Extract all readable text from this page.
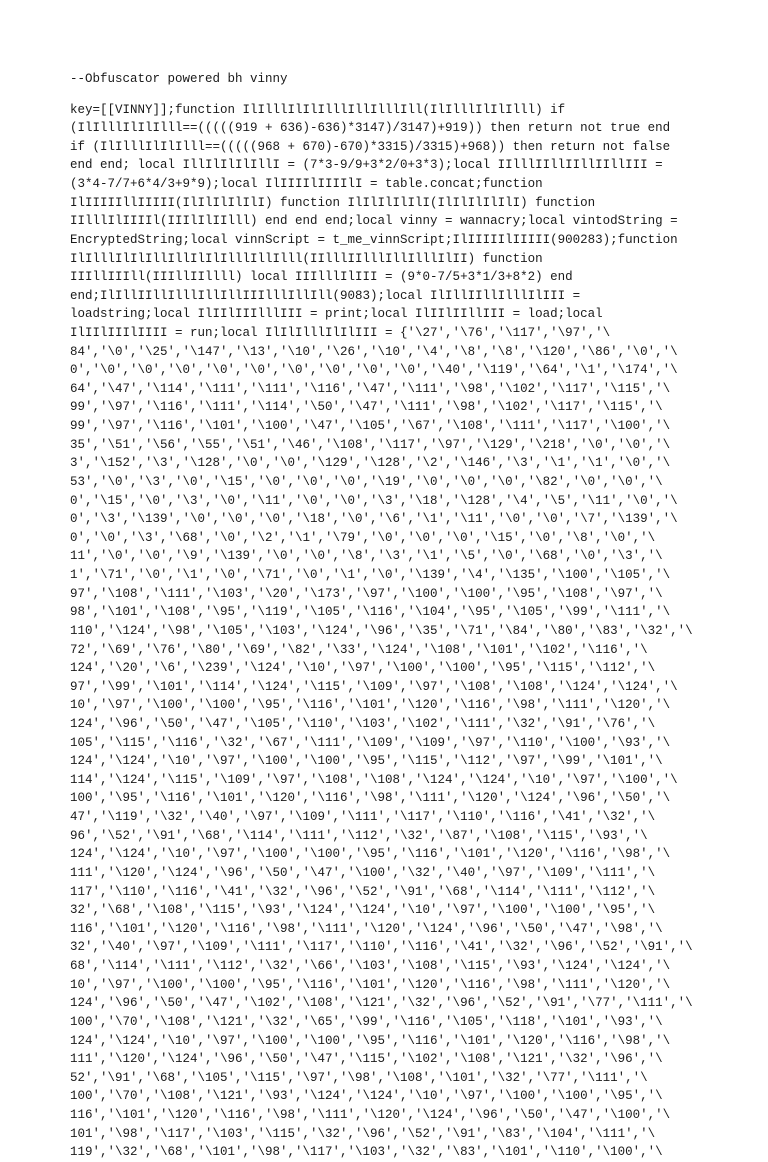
--Obfuscator powered bh vinny

key=[[VINNY]];function IlIlllIlIlIlllIllIlllIll(IlIlllIlIlIlll) if

(IlIlllIlIlIlll==(((((919 + 636)-636)*3147)/3147)+919)) then return not true end

if (IlIlllIlIlIlll==(((((968 + 670)-670)*3315)/3315)+968)) then return not false

end end; local IllIlIlIlIllI = (7*3-9/9+3*2/0+3*3);local IIlllIIllIIllIIllIII =

(3*4-7/7+6*4/3+9*9);local IlIIIIlIIIIlI = table.concat;function

IlIIIIIllIIIII(IlIlIlIlIlI) function IlIlIlIlIlI(IlIlIlIlIlI) function

IIlllIlIIIIl(IIIlIlIIlll) end end end;local vinny = wannacry;local vintodString =

EncryptedString;local vinnScript = t_me_vinnScript;IlIIIIIlIIIII(900283);function

IlIlllIlIlIllIllIlIlIlllIllIlll(IIlllIIlllIllIlllIlII) function

IIIllIIIll(IIIllIIllll) local IIIlllIlIII = (9*0-7/5+3*1/3+8*2) end

end;IlIllIIllIlllIllIllIIIlllIllIll(9083);local IlIllIIllIlllIlIII =

loadstring;local IlIIlIIIlllIII = print;local IlIIlIIllIII = load;local

IlIIlIIIlIIII = run;local IlIlIlllIlIlIII = {'\27','\76','\117','\97','\

84','\0','\25','\147','\13','\10','\26','\10','\4','\8','\8','\120','\86','\0','\

0','\0','\0','\0','\0','\0','\0','\0','\0','\0','\40','\119','\64','\1','\174','\

64','\47','\114','\111','\111','\116','\47','\111','\98','\102','\117','\115','\

99','\97','\116','\111','\114','\50','\47','\111','\98','\102','\117','\115','\

99','\97','\116','\101','\100','\47','\105','\67','\108','\111','\117','\100','\

35','\51','\56','\55','\51','\46','\108','\117','\97','\129','\218','\0','\0','\

3','\152','\3','\128','\0','\0','\129','\128','\2','\146','\3','\1','\1','\0','\

53','\0','\3','\0','\15','\0','\0','\0','\19','\0','\0','\0','\82','\0','\0','\

0','\15','\0','\3','\0','\11','\0','\0','\3','\18','\128','\4','\5','\11','\0','\

0','\3','\139','\0','\0','\0','\18','\0','\6','\1','\11','\0','\0','\7','\139','\

0','\0','\3','\68','\0','\2','\1','\79','\0','\0','\0','\15','\0','\8','\0','\

11','\0','\0','\9','\139','\0','\0','\8','\3','\1','\5','\0','\68','\0','\3','\

1','\71','\0','\1','\0','\71','\0','\1','\0','\139','\4','\135','\100','\105','\

97','\108','\111','\103','\20','\173','\97','\100','\100','\95','\108','\97','\

98','\101','\108','\95','\119','\105','\116','\104','\95','\105','\99','\111','\

110','\124','\98','\105','\103','\124','\96','\35','\71','\84','\80','\83','\32','\

72','\69','\76','\80','\69','\82','\33','\124','\108','\101','\102','\116','\

124','\20','\6','\239','\124','\10','\97','\100','\100','\95','\115','\112','\

97','\99','\101','\114','\124','\115','\109','\97','\108','\108','\124','\124','\

10','\97','\100','\100','\95','\116','\101','\120','\116','\98','\111','\120','\

124','\96','\50','\47','\105','\110','\103','\102','\111','\32','\91','\76','\

105','\115','\116','\32','\67','\111','\109','\109','\97','\110','\100','\93','\

124','\124','\10','\97','\100','\100','\95','\115','\112','\97','\99','\101','\

114','\124','\115','\109','\97','\108','\108','\124','\124','\10','\97','\100','\

100','\95','\116','\101','\120','\116','\98','\111','\120','\124','\96','\50','\

47','\119','\32','\40','\97','\109','\111','\117','\110','\116','\41','\32','\

96','\52','\91','\68','\114','\111','\112','\32','\87','\108','\115','\93','\

124','\124','\10','\97','\100','\100','\95','\116','\101','\120','\116','\98','\

111','\120','\124','\96','\50','\47','\100','\32','\40','\97','\109','\111','\

117','\110','\116','\41','\32','\96','\52','\91','\68','\114','\111','\112','\

32','\68','\108','\115','\93','\124','\124','\10','\97','\100','\100','\95','\

116','\101','\120','\116','\98','\111','\120','\124','\96','\50','\47','\98','\

32','\40','\97','\109','\111','\117','\110','\116','\41','\32','\96','\52','\91','\

68','\114','\111','\112','\32','\66','\103','\108','\115','\93','\124','\124','\

10','\97','\100','\100','\95','\116','\101','\120','\116','\98','\111','\120','\

124','\96','\50','\47','\102','\108','\121','\32','\96','\52','\91','\77','\111','\

100','\70','\108','\121','\32','\65','\99','\116','\105','\118','\101','\93','\

124','\124','\10','\97','\100','\100','\95','\116','\101','\120','\116','\98','\

111','\120','\124','\96','\50','\47','\115','\102','\108','\121','\32','\96','\

52','\91','\68','\105','\115','\97','\98','\108','\101','\32','\77','\111','\

100','\70','\108','\121','\93','\124','\124','\10','\97','\100','\100','\95','\

116','\101','\120','\116','\98','\111','\120','\124','\96','\50','\47','\100','\

101','\98','\117','\103','\115','\32','\96','\52','\91','\83','\104','\111','\

119','\32','\68','\101','\98','\117','\103','\32','\83','\101','\110','\100','\
